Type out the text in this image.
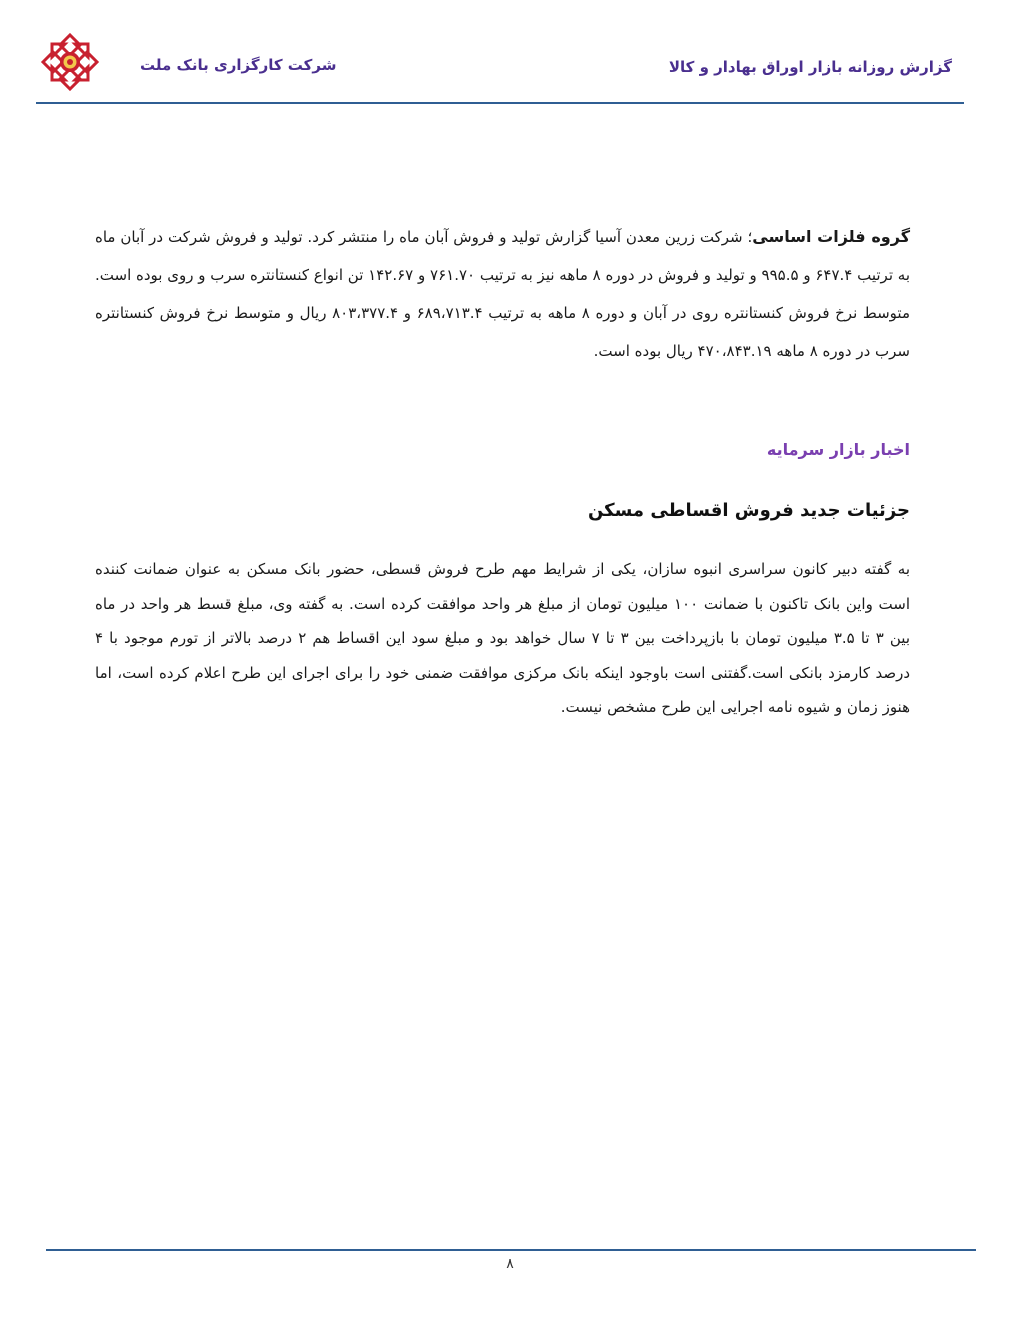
گزارش روزانه بازار اوراق بهادار و کالا
شرکت کارگزاری بانک ملت
گروه فلزات اساسی؛ شرکت زرین معدن آسیا گزارش تولید و فروش آبان ماه را منتشر کرد. تولید و فروش شرکت در آبان ماه به ترتیب ۶۴۷.۴ و ۹۹۵.۵ و تولید و فروش در دوره ۸ ماهه نیز به ترتیب ۷۶۱.۷۰ و ۱۴۲.۶۷ تن انواع کنستانتره سرب و روی بوده است. متوسط نرخ فروش کنستانتره روی در آبان و دوره ۸ ماهه به ترتیب ۶۸۹،۷۱۳.۴ و ۸۰۳،۳۷۷.۴ ریال و متوسط نرخ فروش کنستانتره سرب در دوره ۸ ماهه ۴۷۰،۸۴۳.۱۹ ریال بوده است.
اخبار بازار سرمایه
جزئیات جدید فروش اقساطی مسکن
به گفته دبیر کانون سراسری انبوه سازان، یکی از شرایط مهم طرح فروش قسطی، حضور بانک مسکن به عنوان ضمانت کننده است واین بانک تاکنون با ضمانت ۱۰۰ میلیون تومان از مبلغ هر واحد موافقت کرده است. به گفته وی، مبلغ قسط هر واحد در ماه بین ۳ تا ۳.۵ میلیون تومان با بازپرداخت بین ۳ تا ۷ سال خواهد بود و مبلغ سود این اقساط هم ۲ درصد بالاتر از تورم موجود با ۴ درصد کارمزد بانکی است.گفتنی است باوجود اینکه بانک مرکزی موافقت ضمنی خود را برای اجرای این طرح اعلام کرده است، اما هنوز زمان و شیوه نامه اجرایی این طرح مشخص نیست.
۸
